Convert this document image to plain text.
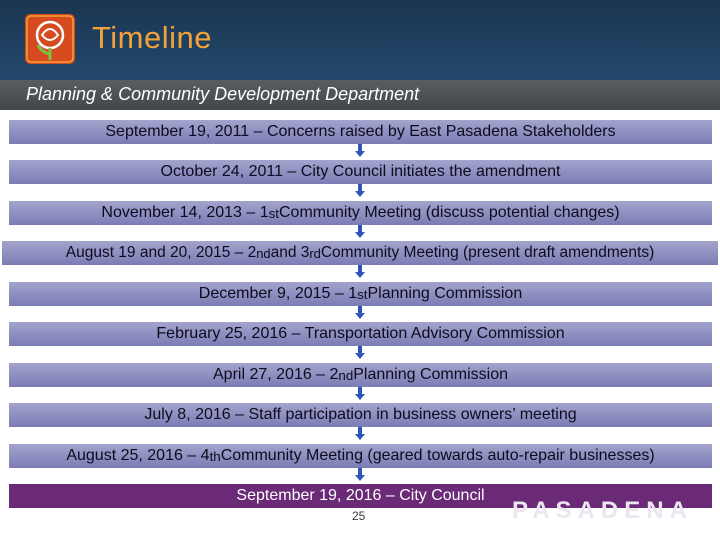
Timeline
Planning & Community Development Department
September 19, 2011 – Concerns raised by East Pasadena Stakeholders
October 24, 2011 – City Council initiates the amendment
November 14, 2013 – 1 st Community Meeting (discuss potential changes)
August 19 and 20, 2015 – 2 nd and 3 rd Community Meeting (present draft amendments)
December 9, 2015 – 1 st Planning Commission
February 25, 2016 – Transportation Advisory Commission
April 27, 2016 – 2 nd Planning Commission
July 8, 2016 – Staff participation in business owners’ meeting
August 25, 2016 – 4 th Community Meeting (geared towards auto-repair businesses)
September 19, 2016 – City Council
PASADENA
25
